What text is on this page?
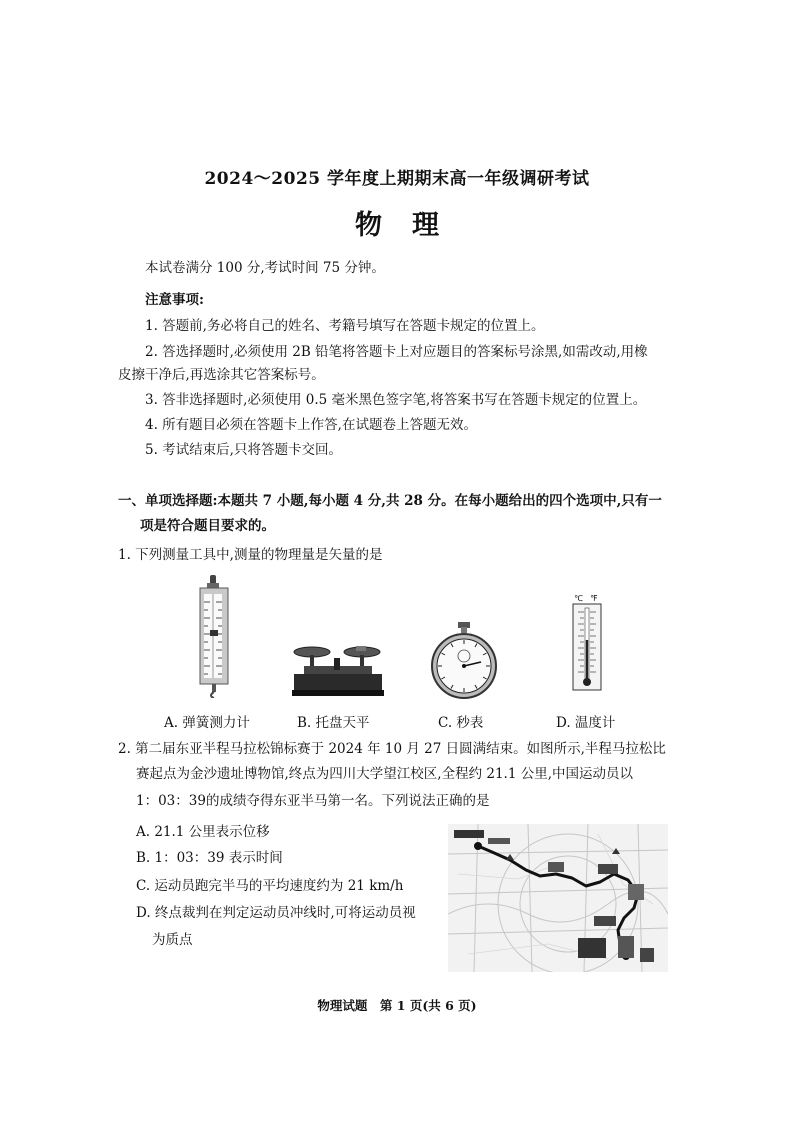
2024～2025 学年度上期期末高一年级调研考试
物理
本试卷满分 100 分,考试时间 75 分钟。
注意事项:
1. 答题前,务必将自己的姓名、考籍号填写在答题卡规定的位置上。
2. 答选择题时,必须使用 2B 铅笔将答题卡上对应题目的答案标号涂黑,如需改动,用橡
皮擦干净后,再选涂其它答案标号。
3. 答非选择题时,必须使用 0.5 毫米黑色签字笔,将答案书写在答题卡规定的位置上。
4. 所有题目必须在答题卡上作答,在试题卷上答题无效。
5. 考试结束后,只将答题卡交回。
一、单项选择题:本题共 7 小题,每小题 4 分,共 28 分。在每小题给出的四个选项中,只有一
项是符合题目要求的。
1. 下列测量工具中,测量的物理量是矢量的是
℃ ℉
A. 弹簧测力计	B. 托盘天平	C. 秒表	D. 温度计
2. 第二届东亚半程马拉松锦标赛于 2024 年 10 月 27 日圆满结束。如图所示,半程马拉松比
赛起点为金沙遗址博物馆,终点为四川大学望江校区,全程约 21.1 公里,中国运动员以
1：03：39的成绩夺得东亚半马第一名。下列说法正确的是
A. 21.1 公里表示位移
B. 1：03：39 表示时间
C. 运动员跑完半马的平均速度约为 21 km/h
D. 终点裁判在判定运动员冲线时,可将运动员视
为质点
物理试题　第 1 页(共 6 页)
